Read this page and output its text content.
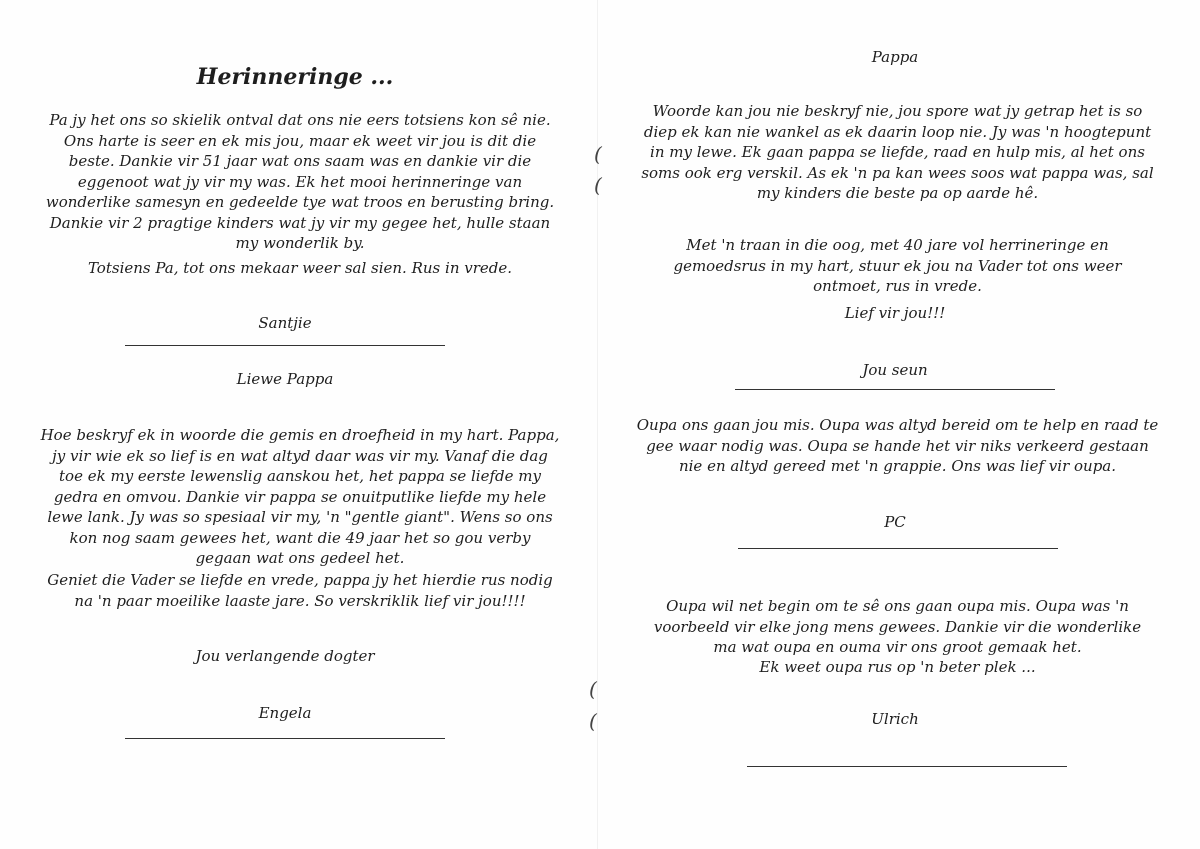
Herinneringe ...

Pa jy het ons so skielik ontval dat ons nie eers totsiens kon sê nie. Ons harte is seer en ek mis jou, maar ek weet vir jou is dit die beste. Dankie vir 51 jaar wat ons saam was en dankie vir die eggenoot wat jy vir my was. Ek het mooi herinneringe van wonderlike samesyn en gedeelde tye wat troos en berusting bring. Dankie vir 2 pragtige kinders wat jy vir my gegee het, hulle staan my wonderlik by.

Totsiens Pa, tot ons mekaar weer sal sien. Rus in vrede.

Santjie
Liewe Pappa

Hoe beskryf ek in woorde die gemis en droefheid in my hart. Pappa, jy vir wie ek so lief is en wat altyd daar was vir my. Vanaf die dag toe ek my eerste lewenslig aanskou het, het pappa se liefde my gedra en omvou. Dankie vir pappa se onuitputlike liefde my hele lewe lank. Jy was so spesiaal vir my, 'n "gentle giant". Wens so ons kon nog saam gewees het, want die 49 jaar het so gou verby gegaan wat ons gedeel het.

Geniet die Vader se liefde en vrede, pappa jy het hierdie rus nodig na 'n paar moeilike laaste jare. So verskriklik lief vir jou!!!!

Jou verlangende dogter
Engela
(
(
(
(
Pappa

Woorde kan jou nie beskryf nie, jou spore wat jy getrap het is so diep ek kan nie wankel as ek daarin loop nie. Jy was 'n hoogtepunt in my lewe. Ek gaan pappa se liefde, raad en hulp mis, al het ons soms ook erg verskil. As ek 'n pa kan wees soos wat pappa was, sal my kinders die beste pa op aarde hê.

Met 'n traan in die oog, met 40 jare vol herrineringe en gemoedsrus in my hart, stuur ek jou na Vader tot ons weer ontmoet, rus in vrede.

Lief vir jou!!!
Jou seun

Oupa ons gaan jou mis. Oupa was altyd bereid om te help en raad te gee waar nodig was. Oupa se hande het vir niks verkeerd gestaan nie en altyd gereed met 'n grappie. Ons was lief vir oupa.

PC

Oupa wil net begin om te sê ons gaan oupa mis. Oupa was 'n voorbeeld vir elke jong mens gewees. Dankie vir die wonderlike ma wat oupa en ouma vir ons groot gemaak het.

Ek weet oupa rus op 'n beter plek ...

Ulrich
